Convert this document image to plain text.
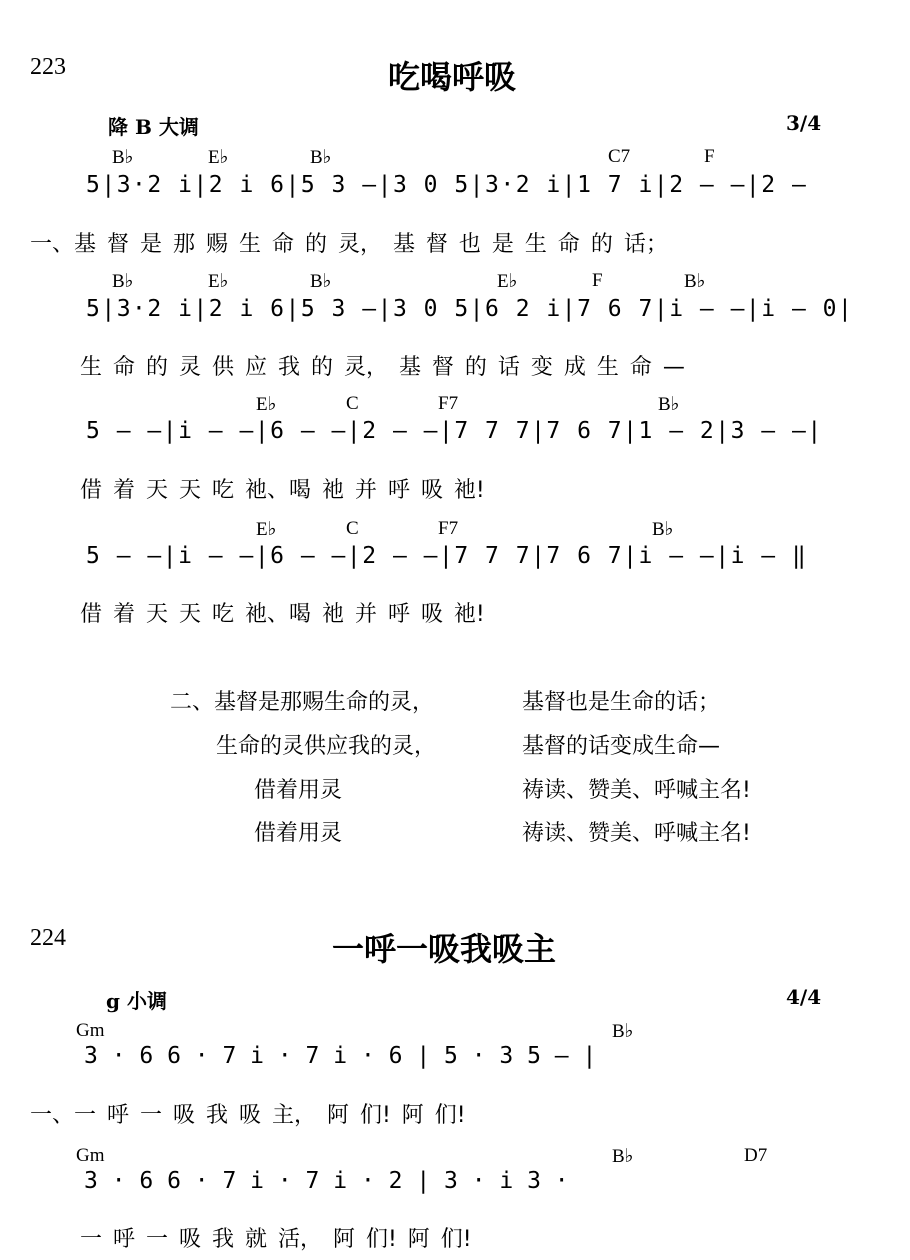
223	吃喝呼吸
降 B 大调	3/4
B♭	E♭	B♭	C7	F
5|3·2 i|2 i 6|5 3 —|3 0 5|3·2 i|1 7 i|2 — —|2 —
一、基 督 是 那 赐 生 命 的 灵， 基 督 也 是 生 命 的 话；
B♭	E♭	B♭	E♭	F	B♭
5|3·2 i|2 i 6|5 3 —|3 0 5|6 2 i|7 6 7|i — —|i — 0|
生 命 的 灵 供 应 我 的 灵， 基 督 的 话 变 成 生 命 —
E♭	C	F7	B♭
5 — —|i — —|6 — —|2 — —|7 7 7|7 6 7|1 — 2|3 — —|
借 着 天 天 吃 祂、喝 祂 并 呼 吸 祂!
E♭	C	F7	B♭
5 — —|i — —|6 — —|2 — —|7 7 7|7 6 7|i — —|i — ‖
借 着 天 天 吃 祂、喝 祂 并 呼 吸 祂!
二、基督是那赐生命的灵，	基督也是生命的话；
生命的灵供应我的灵，	基督的话变成生命—
借着用灵	祷读、赞美、呼喊主名!
借着用灵	祷读、赞美、呼喊主名!
224	一呼一吸我吸主
g 小调	4/4
Gm	B♭
3 · 6 6 · 7 i · 7 i · 6 | 5 · 3 5 — |
一、一 呼 一 吸 我 吸 主， 阿 们! 阿 们!
Gm	B♭	D7
3 · 6 6 · 7 i · 7 i · 2 | 3 · i 3 ·
一 呼 一 吸 我 就 活， 阿 们! 阿 们!
